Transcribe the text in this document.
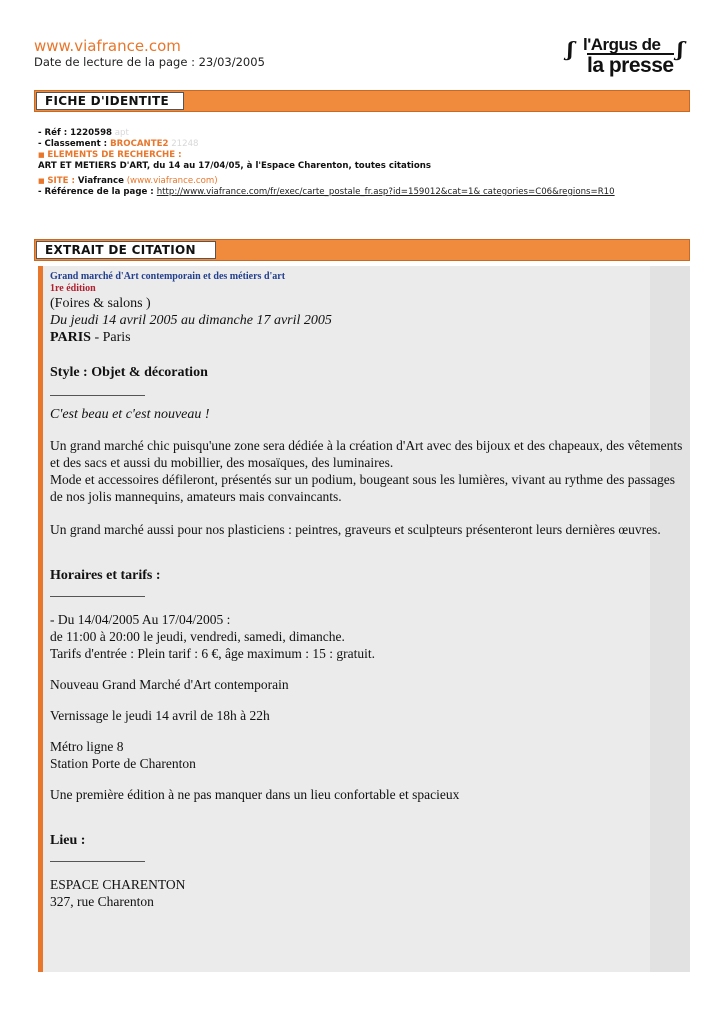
www.viafrance.com
Date de lecture de la page : 23/03/2005
ʃ l'Argus de
la presse
ʃ
FICHE D'IDENTITE
- Réf : 1220598 apt
- Classement : BROCANTE2 21248
■ ELEMENTS DE RECHERCHE :
ART ET METIERS D'ART, du 14 au 17/04/05, à l'Espace Charenton, toutes citations
■ SITE : Viafrance (www.viafrance.com)
- Référence de la page : http://www.viafrance.com/fr/exec/carte_postale_fr.asp?id=159012&cat=1& categories=C06&regions=R10
EXTRAIT DE CITATION
Grand marché d'Art contemporain et des métiers d'art
1re édition
(Foires & salons )
Du jeudi 14 avril 2005 au dimanche 17 avril 2005
PARIS - Paris
Style : Objet & décoration
C'est beau et c'est nouveau !
Un grand marché chic puisqu'une zone sera dédiée à la création d'Art avec des bijoux et des chapeaux, des vêtements et des sacs et aussi du mobillier, des mosaïques, des luminaires.
Mode et accessoires défileront, présentés sur un podium, bougeant sous les lumières, vivant au rythme des passages de nos jolis mannequins, amateurs mais convaincants.
Un grand marché aussi pour nos plasticiens : peintres, graveurs et sculpteurs présenteront leurs dernières œuvres.
Horaires et tarifs :
- Du 14/04/2005 Au 17/04/2005 :
de 11:00 à 20:00 le jeudi, vendredi, samedi, dimanche.
Tarifs d'entrée : Plein tarif : 6 €, âge maximum : 15 : gratuit.
Nouveau Grand Marché d'Art contemporain
Vernissage le jeudi 14 avril de 18h à 22h
Métro ligne 8
Station Porte de Charenton
Une première édition à ne pas manquer dans un lieu confortable et spacieux
Lieu :
ESPACE CHARENTON
327, rue Charenton
